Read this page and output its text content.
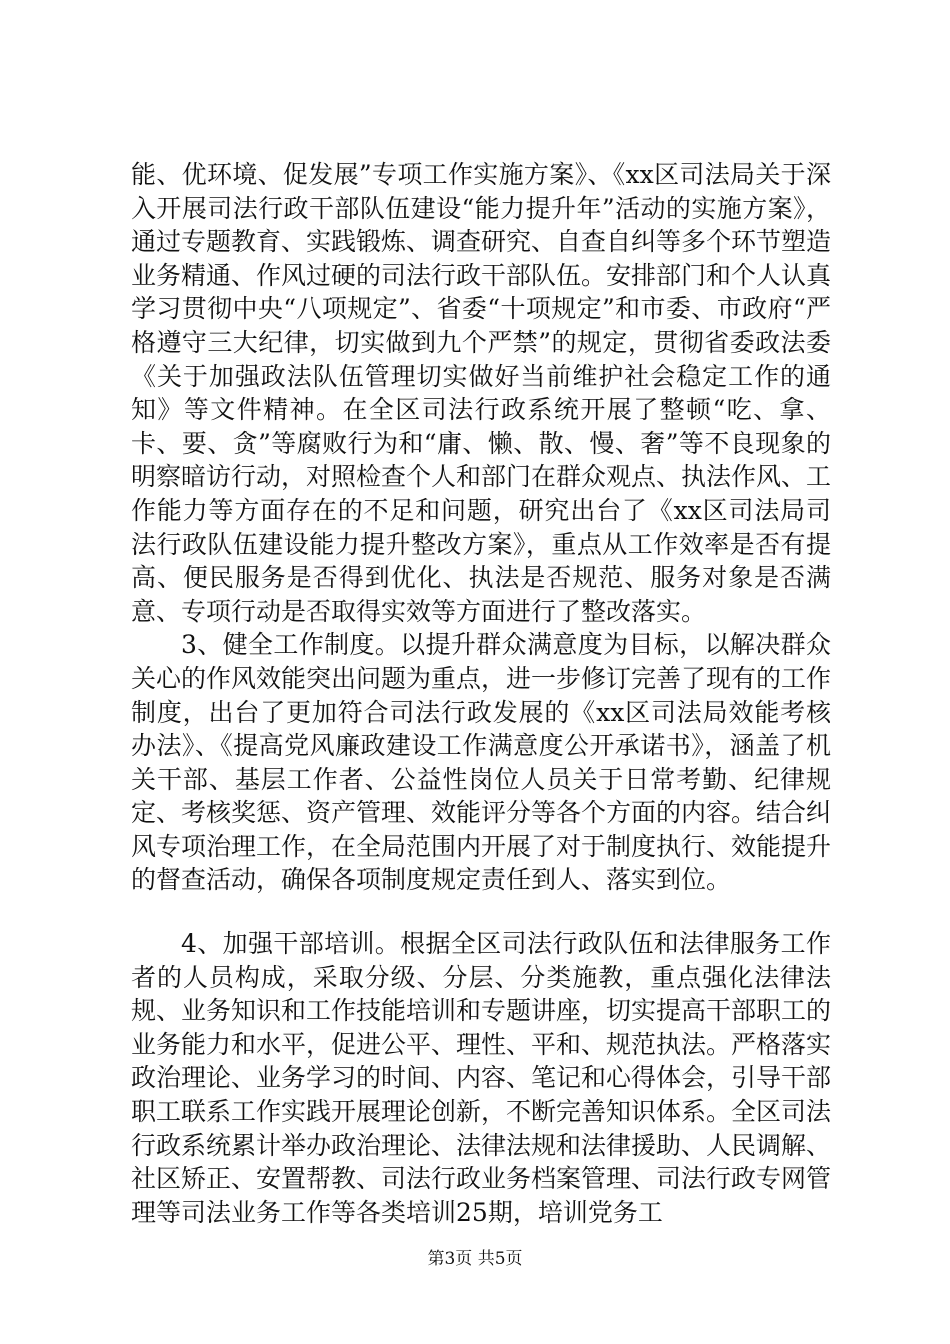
能、优环境、促发展”专项工作实施方案》、《xx区司法局关于深入开展司法行政干部队伍建设“能力提升年”活动的实施方案》，通过专题教育、实践锻炼、调查研究、自查自纠等多个环节塑造业务精通、作风过硬的司法行政干部队伍。安排部门和个人认真学习贯彻中央“八项规定”、省委“十项规定”和市委、市政府“严格遵守三大纪律，切实做到九个严禁”的规定，贯彻省委政法委《关于加强政法队伍管理切实做好当前维护社会稳定工作的通知》等文件精神。在全区司法行政系统开展了整顿“吃、拿、卡、要、贪”等腐败行为和“庸、懒、散、慢、奢”等不良现象的明察暗访行动，对照检查个人和部门在群众观点、执法作风、工作能力等方面存在的不足和问题，研究出台了《xx区司法局司法行政队伍建设能力提升整改方案》，重点从工作效率是否有提高、便民服务是否得到优化、执法是否规范、服务对象是否满意、专项行动是否取得实效等方面进行了整改落实。

3、健全工作制度。以提升群众满意度为目标，以解决群众关心的作风效能突出问题为重点，进一步修订完善了现有的工作制度，出台了更加符合司法行政发展的《xx区司法局效能考核办法》、《提高党风廉政建设工作满意度公开承诺书》，涵盖了机关干部、基层工作者、公益性岗位人员关于日常考勤、纪律规定、考核奖惩、资产管理、效能评分等各个方面的内容。结合纠风专项治理工作，在全局范围内开展了对于制度执行、效能提升的督查活动，确保各项制度规定责任到人、落实到位。

4、加强干部培训。根据全区司法行政队伍和法律服务工作者的人员构成，采取分级、分层、分类施教，重点强化法律法规、业务知识和工作技能培训和专题讲座，切实提高干部职工的业务能力和水平，促进公平、理性、平和、规范执法。严格落实政治理论、业务学习的时间、内容、笔记和心得体会，引导干部职工联系工作实践开展理论创新，不断完善知识体系。全区司法行政系统累计举办政治理论、法律法规和法律援助、人民调解、社区矫正、安置帮教、司法行政业务档案管理、司法行政专网管理等司法业务工作等各类培训25期，培训党务工

第3页 共5页
